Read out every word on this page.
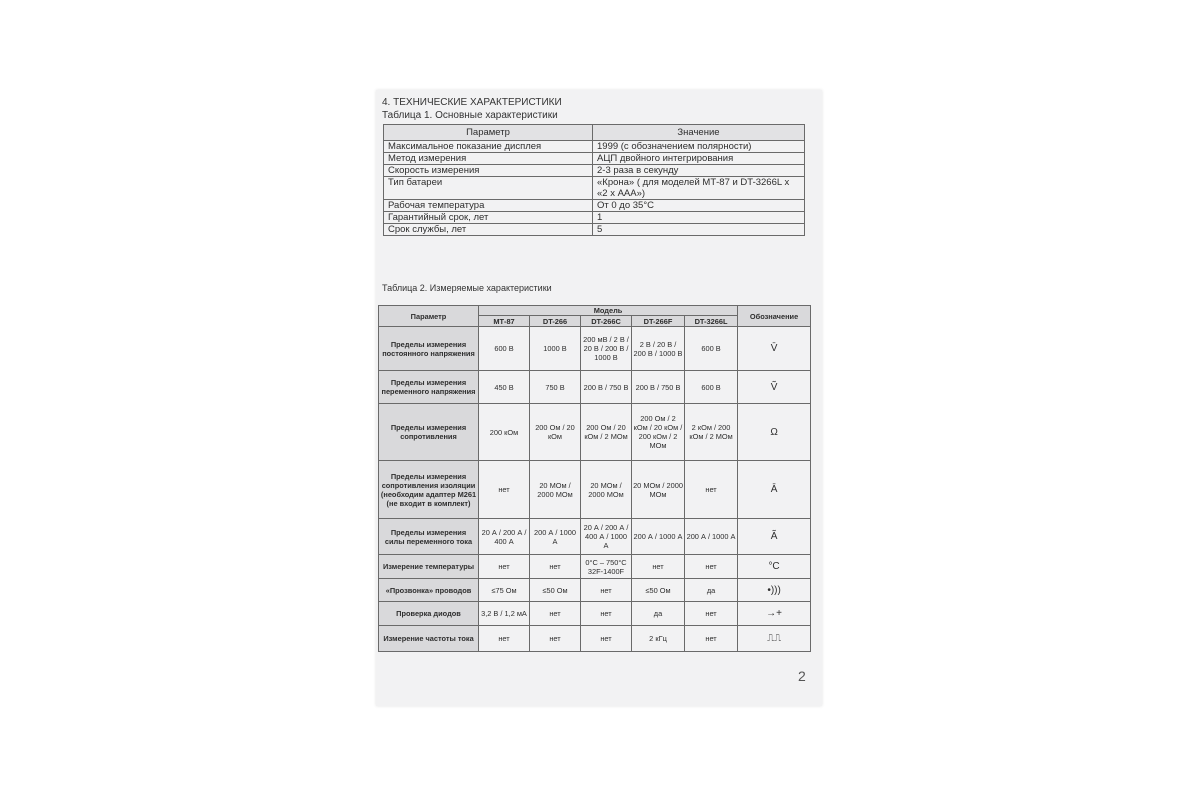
4. ТЕХНИЧЕСКИЕ ХАРАКТЕРИСТИКИ
Таблица 1. Основные характеристики
Параметр	Значение
Максимальное показание дисплея	1999 (с обозначением полярности)
Метод измерения	АЦП двойного интегрирования
Скорость измерения	2-3 раза в секунду
Тип батареи	«Крона» ( для моделей МТ-87 и DT-3266L х «2 х ААА»)
Рабочая температура	От 0 до 35°С
Гарантийный срок, лет	1
Срок службы, лет	5
Таблица 2. Измеряемые характеристики
Параметр	Модель					Обозначение
	МТ-87	DT-266	DT-266C	DT-266F	DT-3266L	
Пределы измерения постоянного напряжения	600 В	1000 В	200 мВ / 2 В / 20 В / 200 В / 1000 В	2 В / 20 В / 200 В / 1000 В	600 В	V̄
Пределы измерения переменного напряжения	450 В	750 В	200 В / 750 В	200 В / 750 В	600 В	Ṽ
Пределы измерения сопротивления	200 кОм	200 Ом / 20 кОм	200 Ом / 20 кОм / 2 МОм	200 Ом / 2 кОм / 20 кОм / 200 кОм / 2 МОм	2 кОм / 200 кОм / 2 МОм	Ω
Пределы измерения сопротивления изоляции (необходим адаптер М261 (не входит в комплект)	нет	20 МОм / 2000 МОм	20 МОм / 2000 МОм	20 МОм / 2000 МОм	нет	Ā
Пределы измерения силы переменного тока	20 А / 200 А / 400 А	200 А / 1000 А	20 А / 200 А / 400 А / 1000 А	200 А / 1000 А	200 А / 1000 А	Ã
Измерение температуры	нет	нет	0°С – 750°С 32F-1400F	нет	нет	°С
«Прозвонка» проводов	≤75 Ом	≤50 Ом	нет	≤50 Ом	да	•)))
Проверка диодов	3,2 В / 1,2 мА	нет	нет	да	нет	→+
Измерение частоты тока	нет	нет	нет	2 кГц	нет	⎍⎍
2
